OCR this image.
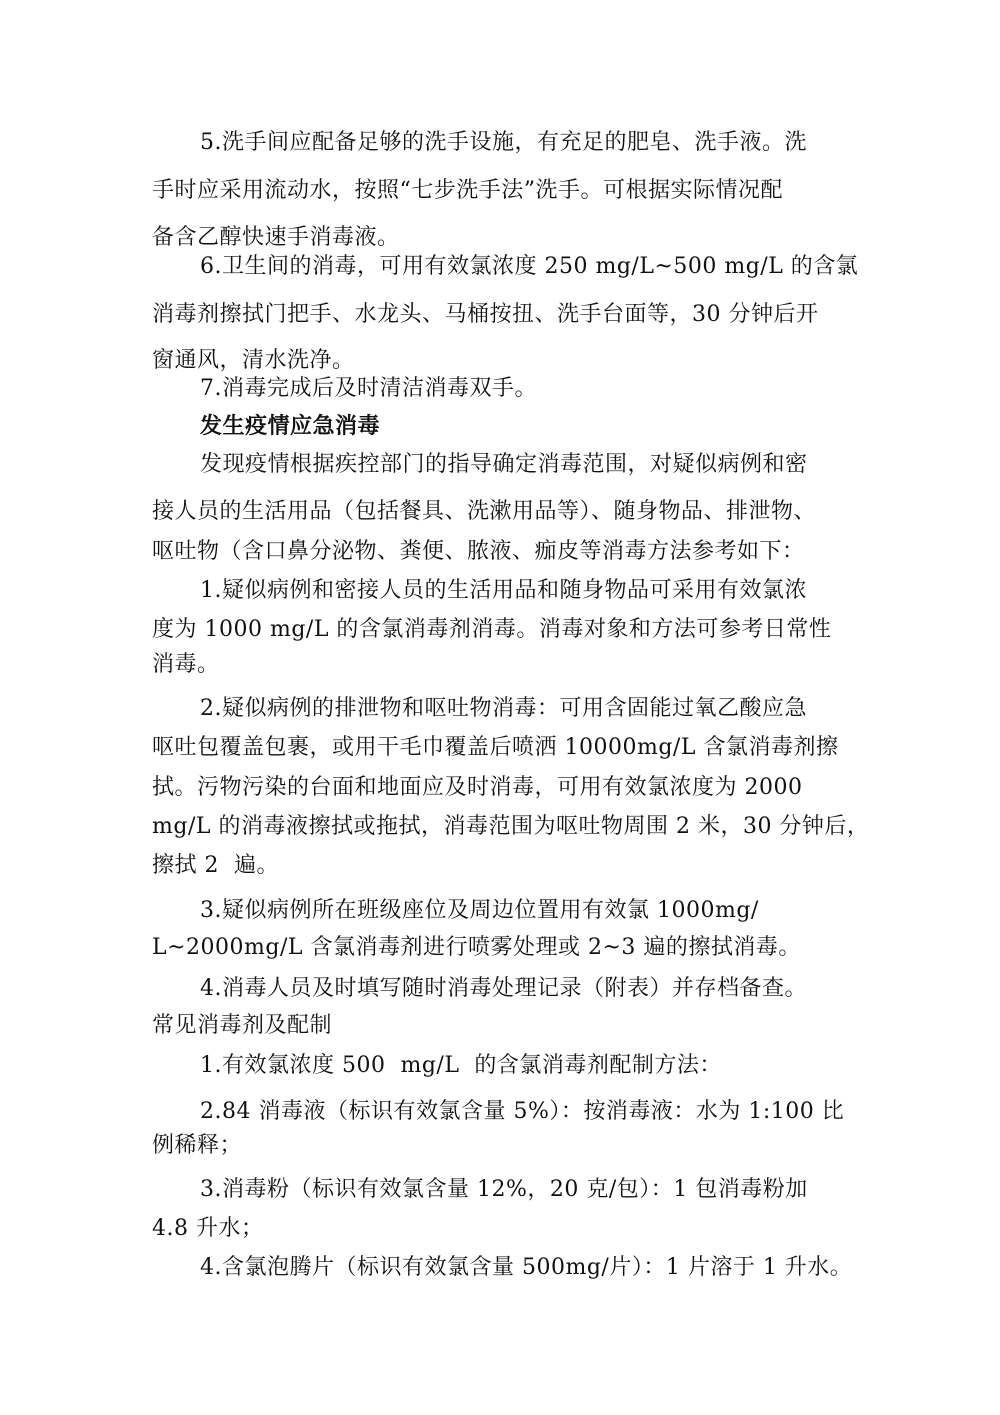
5.洗手间应配备足够的洗手设施，有充足的肥皂、洗手液。洗
手时应采用流动水，按照“七步洗手法”洗手。可根据实际情况配
备含乙醇快速手消毒液。
6.卫生间的消毒，可用有效氯浓度 250 mg/L~500 mg/L 的含氯
消毒剂擦拭门把手、水龙头、马桶按扭、洗手台面等，30 分钟后开
窗通风，清水洗净。
7.消毒完成后及时清洁消毒双手。
发生疫情应急消毒
发现疫情根据疾控部门的指导确定消毒范围，对疑似病例和密
接人员的生活用品（包括餐具、洗漱用品等）、随身物品、排泄物、
呕吐物（含口鼻分泌物、粪便、脓液、痂皮等消毒方法参考如下：
1.疑似病例和密接人员的生活用品和随身物品可采用有效氯浓
度为 1000 mg/L 的含氯消毒剂消毒。消毒对象和方法可参考日常性
消毒。
2.疑似病例的排泄物和呕吐物消毒：可用含固能过氧乙酸应急
呕吐包覆盖包裹，或用干毛巾覆盖后喷洒 10000mg/L 含氯消毒剂擦
拭。污物污染的台面和地面应及时消毒，可用有效氯浓度为 2000
mg/L 的消毒液擦拭或拖拭，消毒范围为呕吐物周围 2 米，30 分钟后，
擦拭 2  遍。
3.疑似病例所在班级座位及周边位置用有效氯 1000mg/
L~2000mg/L 含氯消毒剂进行喷雾处理或 2~3 遍的擦拭消毒。
4.消毒人员及时填写随时消毒处理记录（附表）并存档备查。
常见消毒剂及配制
1.有效氯浓度 500  mg/L  的含氯消毒剂配制方法：
2.84 消毒液（标识有效氯含量 5%）：按消毒液：水为 1:100 比
例稀释；
3.消毒粉（标识有效氯含量 12%，20 克/包）：1 包消毒粉加
4.8 升水；
4.含氯泡腾片（标识有效氯含量 500mg/片）：1 片溶于 1 升水。
